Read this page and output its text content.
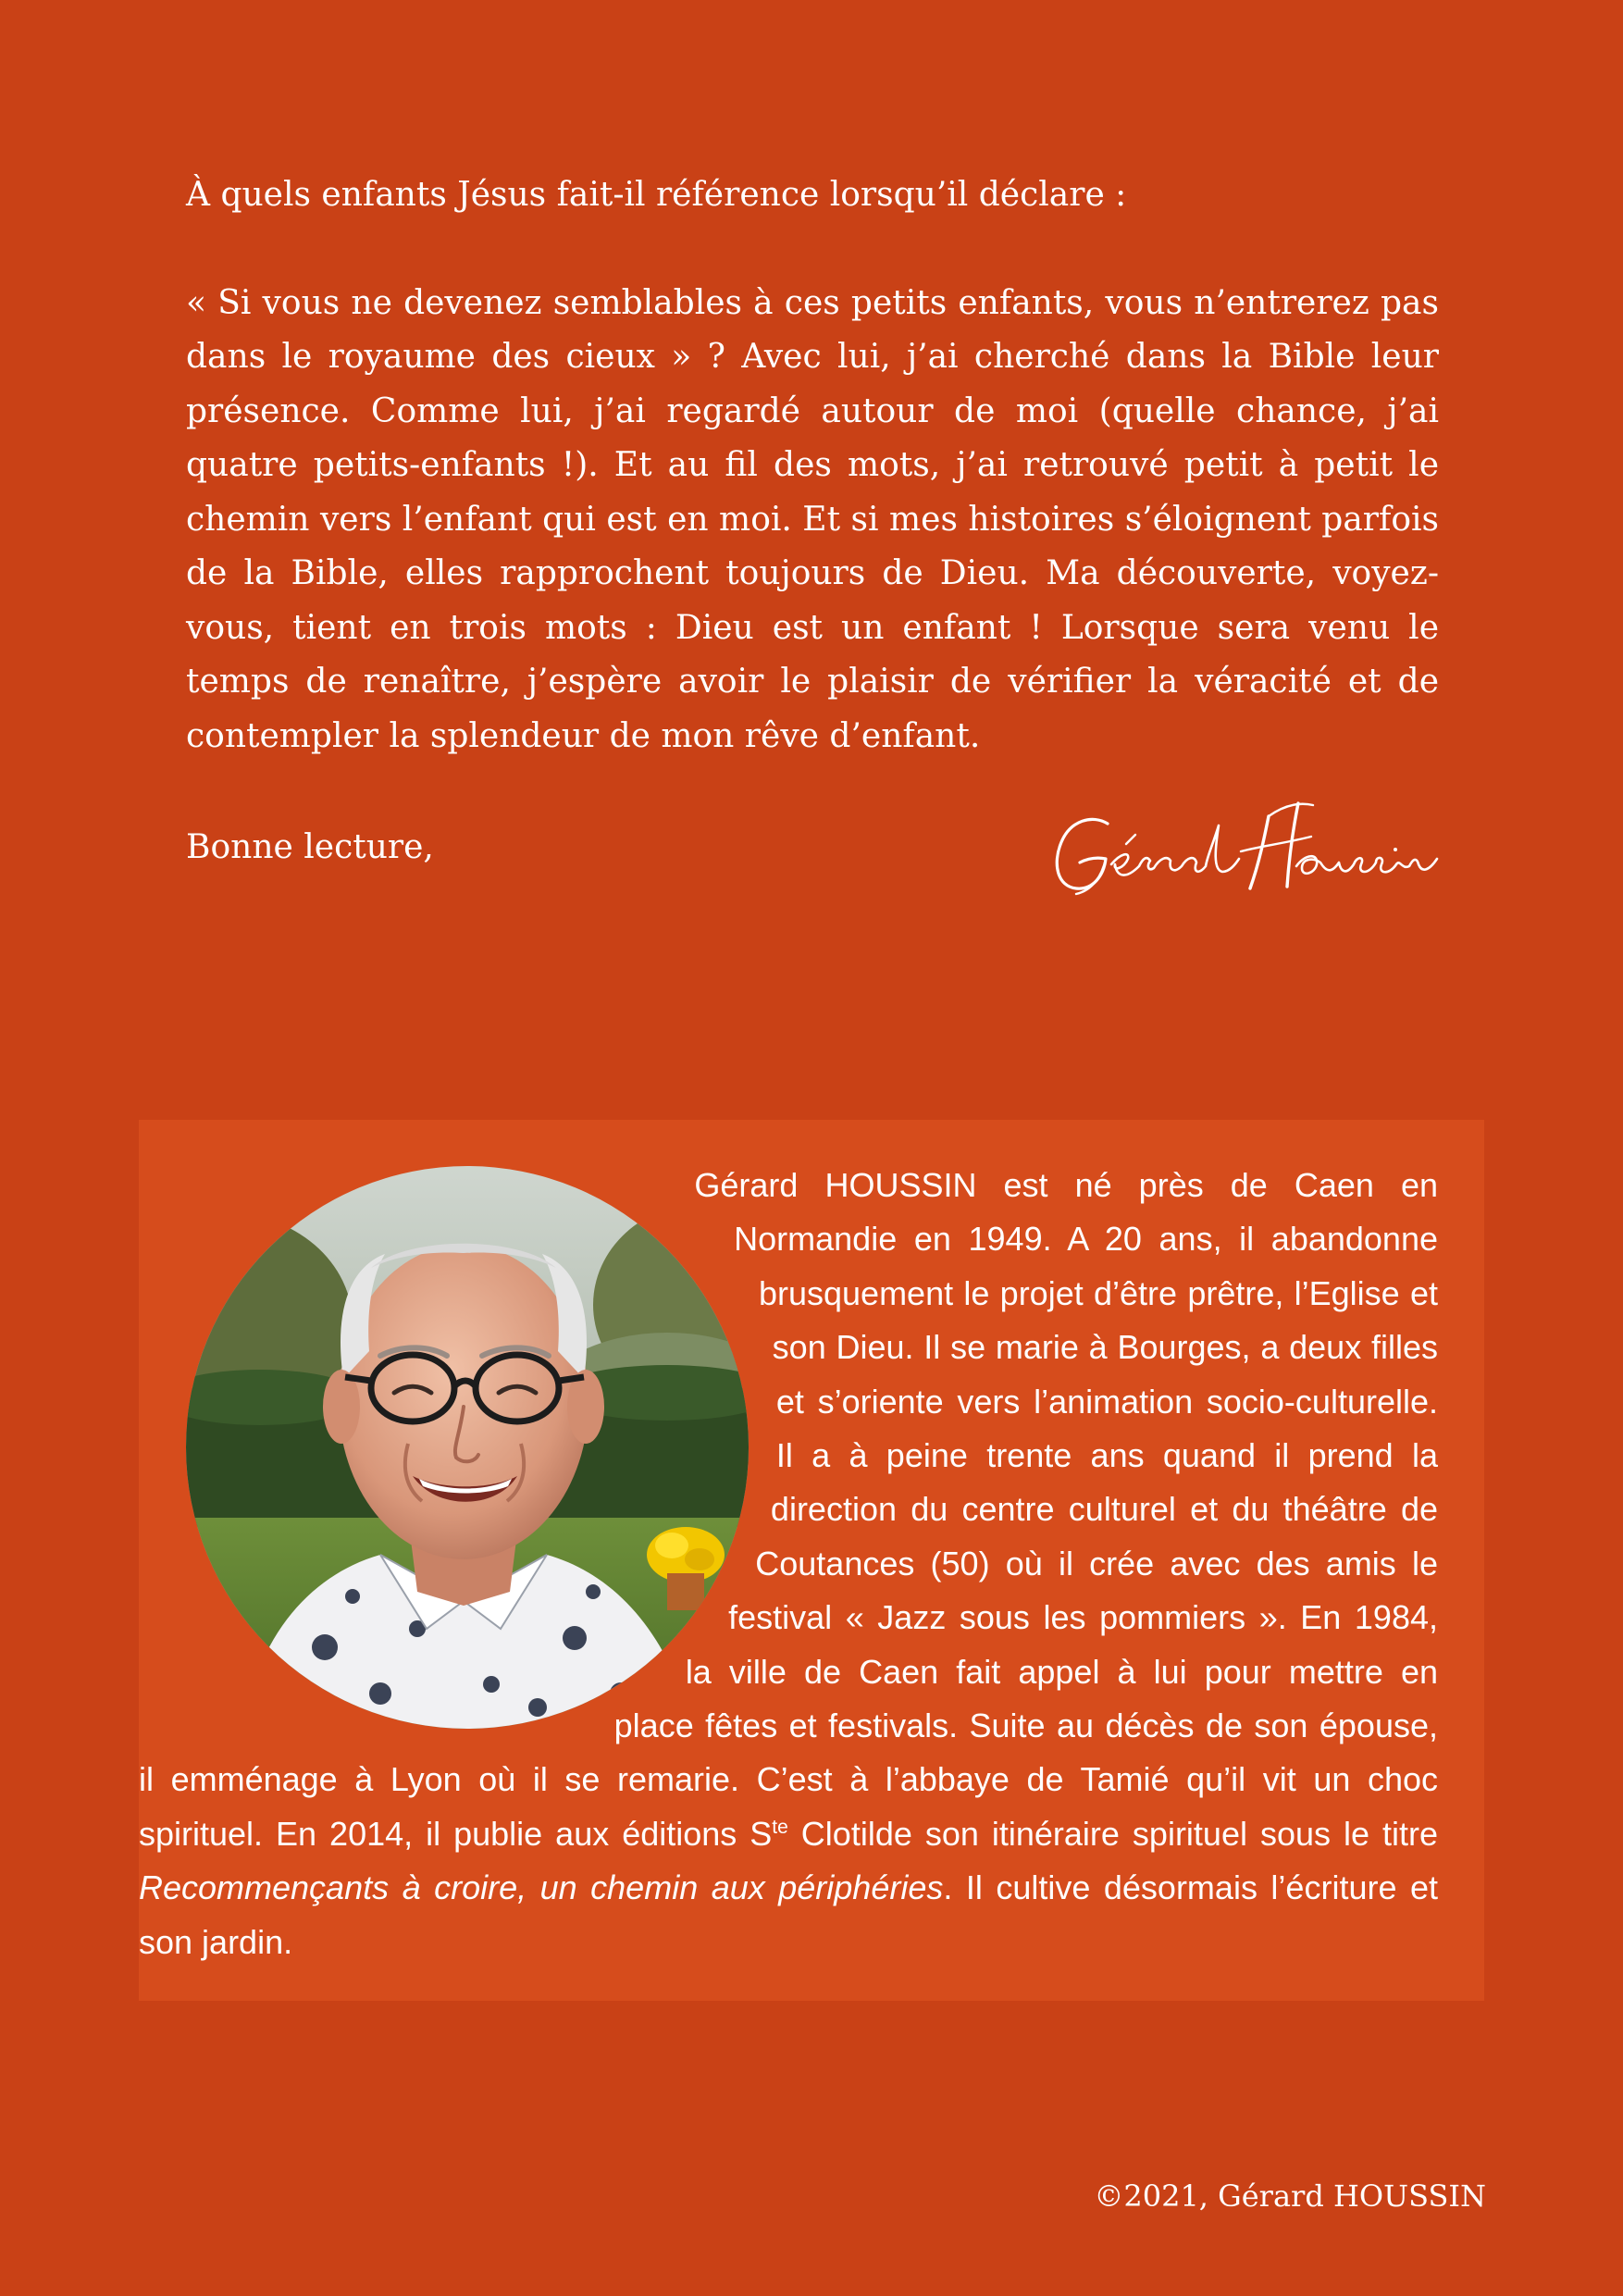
À quels enfants Jésus fait-il référence lorsqu’il déclare :

« Si vous ne devenez semblables à ces petits enfants, vous n’entrerez pas dans le royaume des cieux » ? Avec lui, j’ai cherché dans la Bible leur présence. Comme lui, j’ai regardé autour de moi (quelle chance, j’ai quatre petits-enfants !). Et au fil des mots, j’ai retrouvé petit à petit le chemin vers l’enfant qui est en moi. Et si mes histoires s’éloignent parfois de la Bible, elles rapprochent toujours de Dieu. Ma découverte, voyez-vous, tient en trois mots : Dieu est un enfant ! Lorsque sera venu le temps de renaître, j’espère avoir le plaisir de vérifier la véracité et de contempler la splendeur de mon rêve d’enfant.

Bonne lecture,
Gérard HOUSSIN est né près de Caen en Normandie en 1949. A 20 ans, il abandonne brusquement le projet d’être prêtre, l’Eglise et son Dieu. Il se marie à Bourges, a deux filles et s’oriente vers l’animation socio-culturelle. Il a à peine trente ans quand il prend la direction du centre culturel et du théâtre de Coutances (50) où il crée avec des amis le festival « Jazz sous les pommiers ». En 1984, la ville de Caen fait appel à lui pour mettre en place fêtes et festivals. Suite au décès de son épouse, il emménage à Lyon où il se remarie. C’est à l’abbaye de Tamié qu’il vit un choc spirituel. En 2014, il publie aux éditions $S^{te}$ Clotilde son itinéraire spirituel sous le titre Recommençants à croire, un chemin aux périphéries. Il cultive désormais l’écriture et son jardin.
©2021, Gérard HOUSSIN
